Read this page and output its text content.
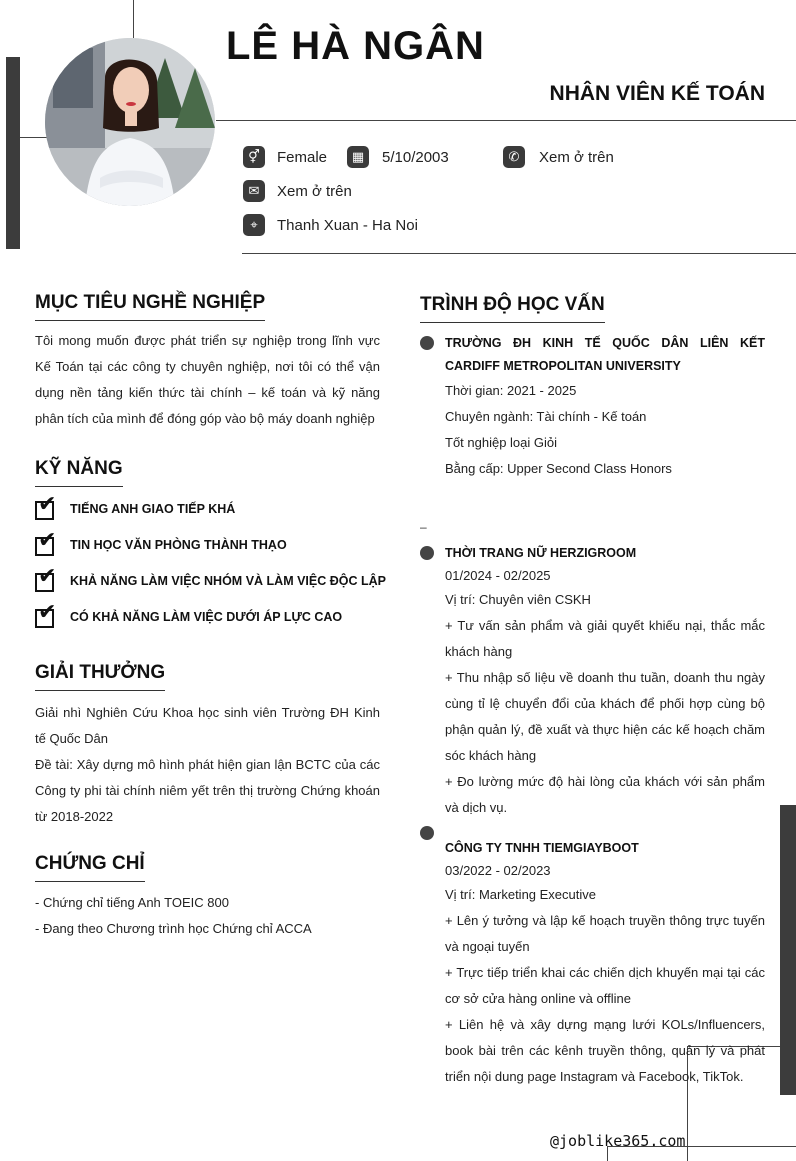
LÊ HÀ NGÂN
NHÂN VIÊN KẾ TOÁN
⚥	Female	▦	5/10/2003	✆	Xem ở trên
✉	Xem ở trên
⌖	Thanh Xuan - Ha Noi
MỤC TIÊU NGHỀ NGHIỆP
Tôi mong muốn được phát triển sự nghiệp trong lĩnh vực Kế Toán tại các công ty chuyên nghiệp, nơi tôi có thể vận dụng nền tảng kiến thức tài chính – kế toán và kỹ năng phân tích của mình để đóng góp vào bộ máy doanh nghiệp
KỸ NĂNG
✔ TIẾNG ANH GIAO TIẾP KHÁ
✔ TIN HỌC VĂN PHÒNG THÀNH THẠO
✔ KHẢ NĂNG LÀM VIỆC NHÓM VÀ LÀM VIỆC ĐỘC LẬP
✔ CÓ KHẢ NĂNG LÀM VIỆC DƯỚI ÁP LỰC CAO
GIẢI THƯỞNG
Giải nhì Nghiên Cứu Khoa học sinh viên Trường ĐH Kinh tế Quốc Dân
Đề tài: Xây dựng mô hình phát hiện gian lận BCTC của các Công ty phi tài chính niêm yết trên thị trường Chứng khoán từ 2018-2022
CHỨNG CHỈ
- Chứng chỉ tiếng Anh TOEIC 800
- Đang theo Chương trình học Chứng chỉ ACCA
TRÌNH ĐỘ HỌC VẤN
TRƯỜNG ĐH KINH TẾ QUỐC DÂN LIÊN KẾT CARDIFF METROPOLITAN UNIVERSITY
Thời gian: 2021 - 2025
Chuyên ngành: Tài chính - Kế toán
Tốt nghiệp loại Giỏi
Bằng cấp: Upper Second Class Honors
–
THỜI TRANG NỮ HERZIGROOM
01/2024 - 02/2025
Vị trí: Chuyên viên CSKH
+ Tư vấn sản phẩm và giải quyết khiếu nại, thắc mắc khách hàng
+ Thu nhập số liệu về doanh thu tuần, doanh thu ngày cùng tỉ lệ chuyển đổi của khách để phối hợp cùng bộ phận quản lý, đề xuất và thực hiện các kế hoạch chăm sóc khách hàng
+ Đo lường mức độ hài lòng của khách với sản phẩm và dịch vụ.
CÔNG TY TNHH TIEMGIAYBOOT
03/2022 - 02/2023
Vị trí: Marketing Executive
+ Lên ý tưởng và lập kế hoạch truyền thông trực tuyến và ngoại tuyến
+ Trực tiếp triển khai các chiến dịch khuyến mại tại các cơ sở cửa hàng online và offline
+ Liên hệ và xây dựng mạng lưới KOLs/Influencers, book bài trên các kênh truyền thông, quản lý và phát triển nội dung page Instagram và Facebook, TikTok.
@joblike365.com
